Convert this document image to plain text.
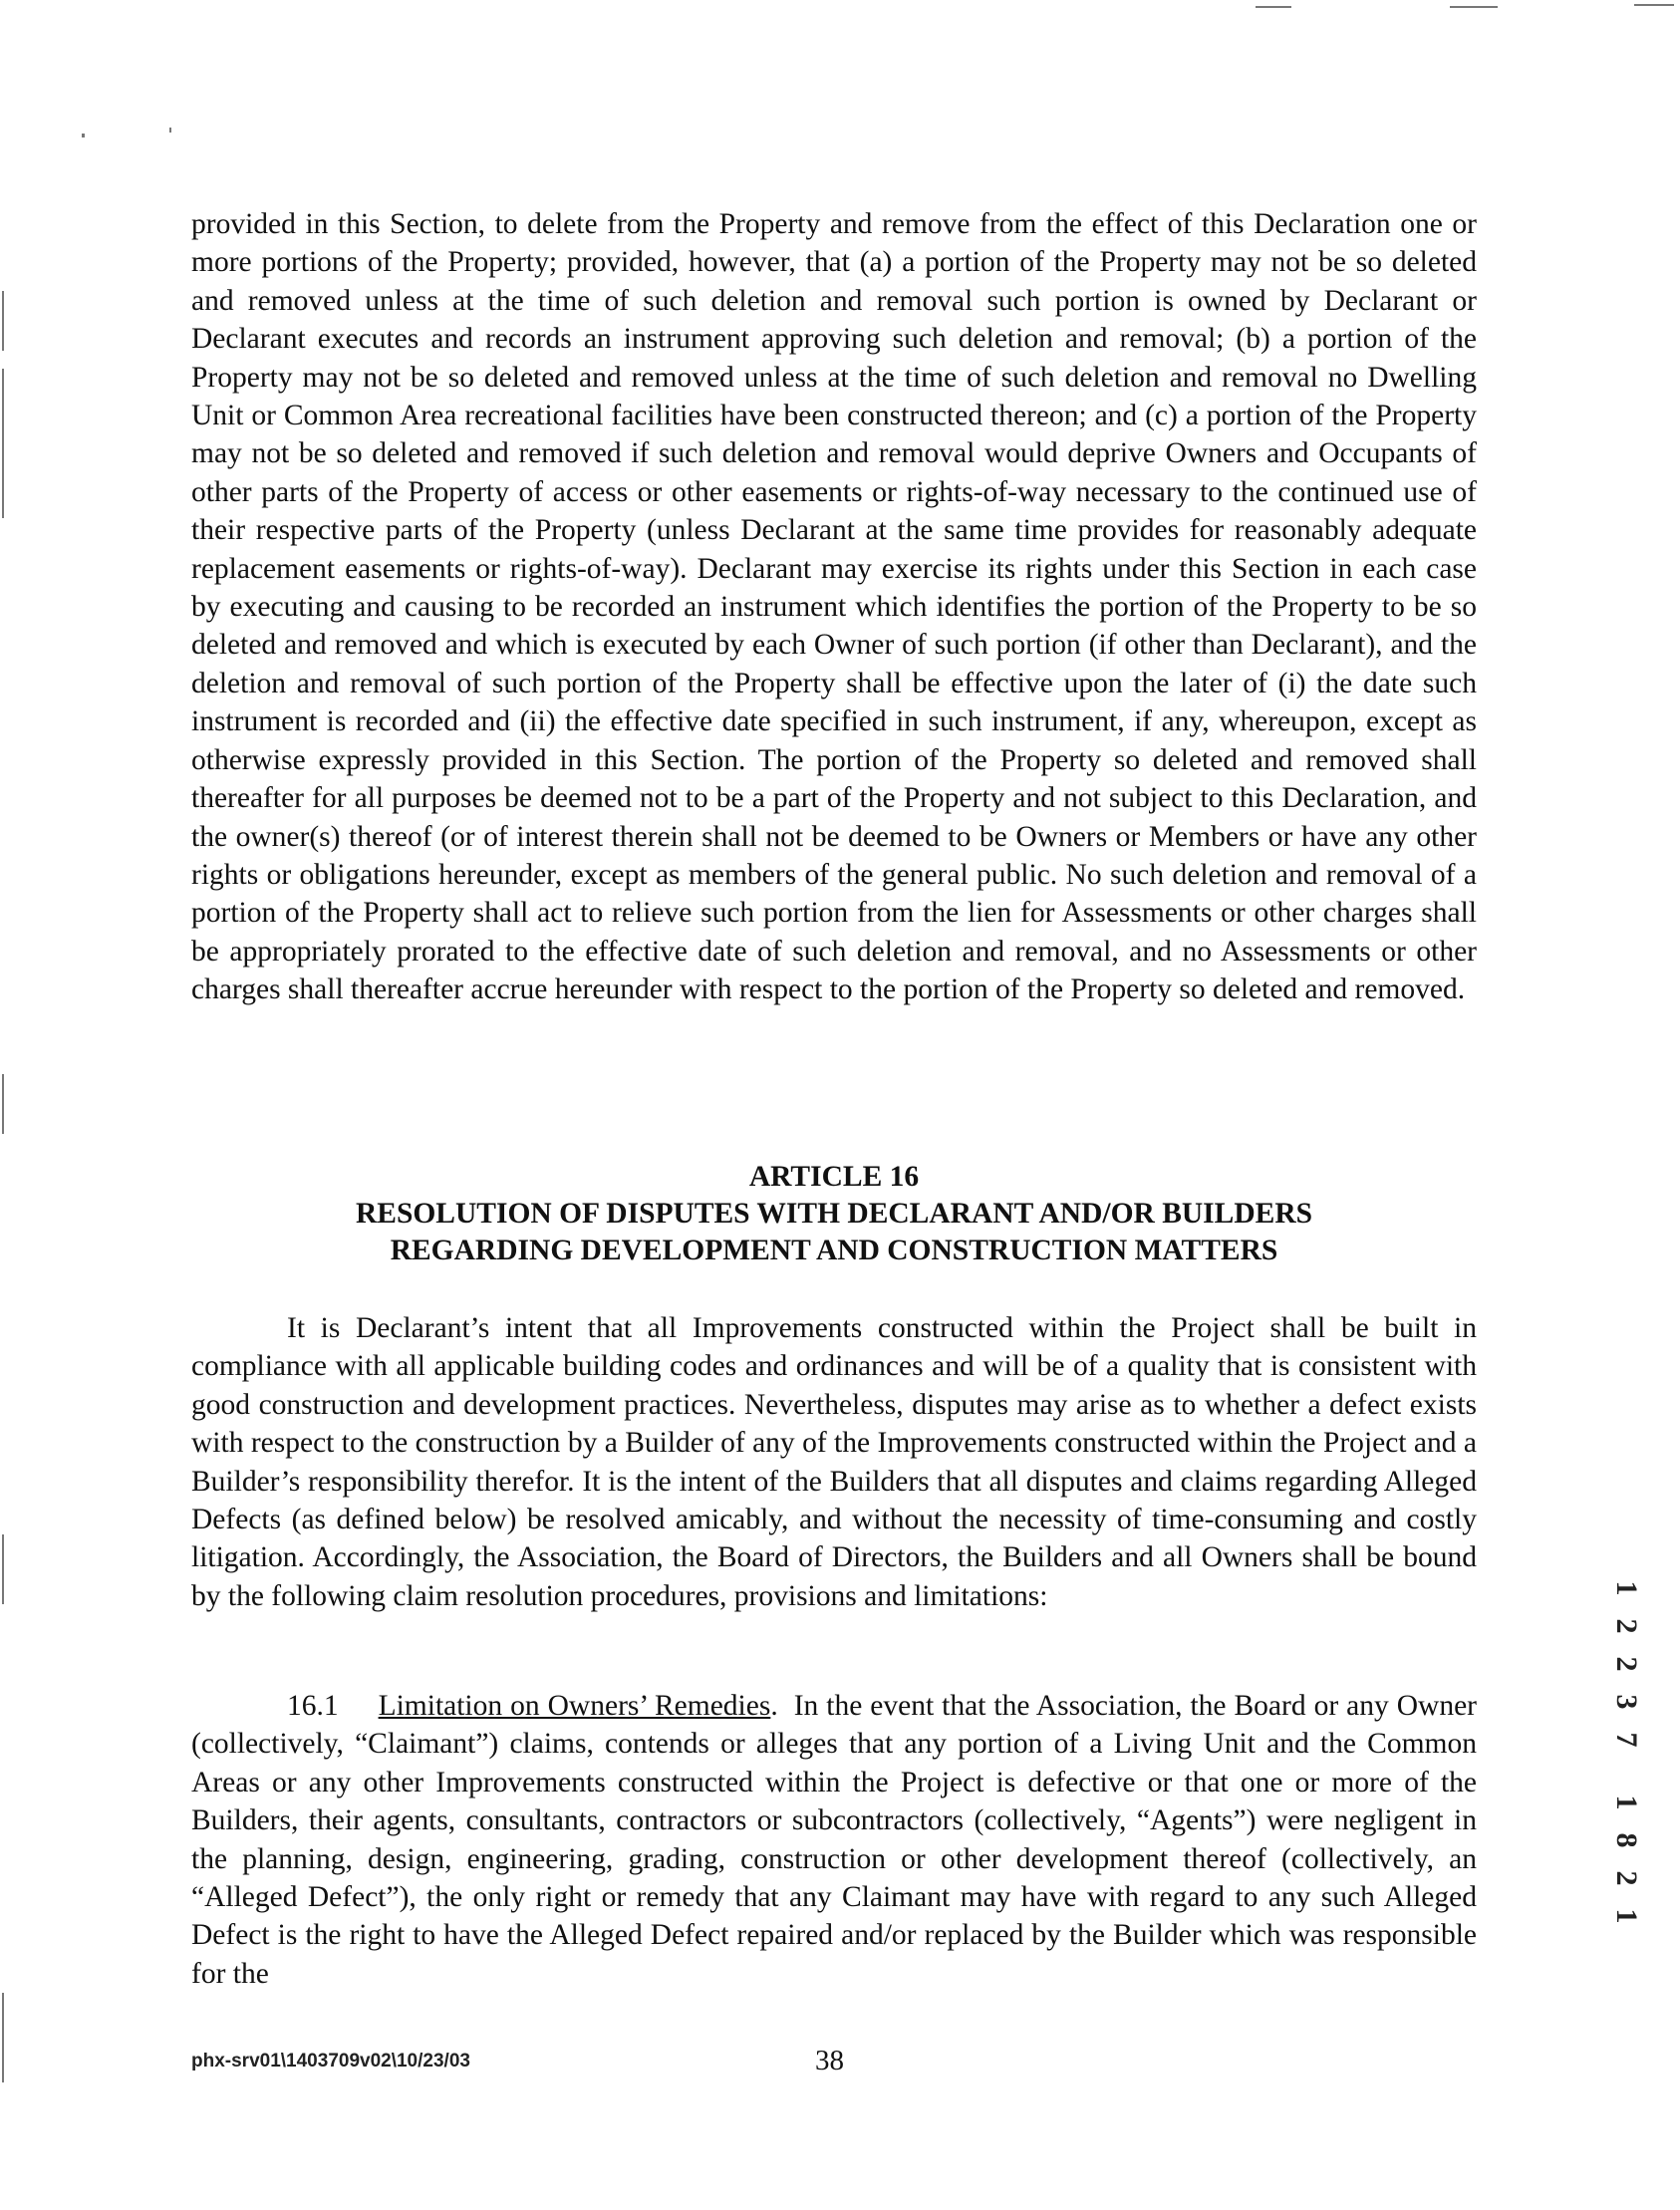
provided in this Section, to delete from the Property and remove from the effect of this Declaration one or more portions of the Property; provided, however, that (a) a portion of the Property may not be so deleted and removed unless at the time of such deletion and removal such portion is owned by Declarant or Declarant executes and records an instrument approving such deletion and removal; (b) a portion of the Property may not be so deleted and removed unless at the time of such deletion and removal no Dwelling Unit or Common Area recreational facilities have been constructed thereon; and (c) a portion of the Property may not be so deleted and removed if such deletion and removal would deprive Owners and Occupants of other parts of the Property of access or other easements or rights-of-way necessary to the continued use of their respective parts of the Property (unless Declarant at the same time provides for reasonably adequate replacement easements or rights-of-way). Declarant may exercise its rights under this Section in each case by executing and causing to be recorded an instrument which identifies the portion of the Property to be so deleted and removed and which is executed by each Owner of such portion (if other than Declarant), and the deletion and removal of such portion of the Property shall be effective upon the later of (i) the date such instrument is recorded and (ii) the effective date specified in such instrument, if any, whereupon, except as otherwise expressly provided in this Section. The portion of the Property so deleted and removed shall thereafter for all purposes be deemed not to be a part of the Property and not subject to this Declaration, and the owner(s) thereof (or of interest therein shall not be deemed to be Owners or Members or have any other rights or obligations hereunder, except as members of the general public. No such deletion and removal of a portion of the Property shall act to relieve such portion from the lien for Assessments or other charges shall be appropriately prorated to the effective date of such deletion and removal, and no Assessments or other charges shall thereafter accrue hereunder with respect to the portion of the Property so deleted and removed.

ARTICLE 16
RESOLUTION OF DISPUTES WITH DECLARANT AND/OR BUILDERS
REGARDING DEVELOPMENT AND CONSTRUCTION MATTERS

It is Declarant’s intent that all Improvements constructed within the Project shall be built in compliance with all applicable building codes and ordinances and will be of a quality that is consistent with good construction and development practices. Nevertheless, disputes may arise as to whether a defect exists with respect to the construction by a Builder of any of the Improvements constructed within the Project and a Builder’s responsibility therefor. It is the intent of the Builders that all disputes and claims regarding Alleged Defects (as defined below) be resolved amicably, and without the necessity of time-consuming and costly litigation. Accordingly, the Association, the Board of Directors, the Builders and all Owners shall be bound by the following claim resolution procedures, provisions and limitations:

16.1 Limitation on Owners’ Remedies. In the event that the Association, the Board or any Owner (collectively, “Claimant”) claims, contends or alleges that any portion of a Living Unit and the Common Areas or any other Improvements constructed within the Project is defective or that one or more of the Builders, their agents, consultants, contractors or subcontractors (collectively, “Agents”) were negligent in the planning, design, engineering, grading, construction or other development thereof (collectively, an “Alleged Defect”), the only right or remedy that any Claimant may have with regard to any such Alleged Defect is the right to have the Alleged Defect repaired and/or replaced by the Builder which was responsible for the

phx-srv01\1403709v02\10/23/03	38
1
2
2
3
7
1
8
2
1
